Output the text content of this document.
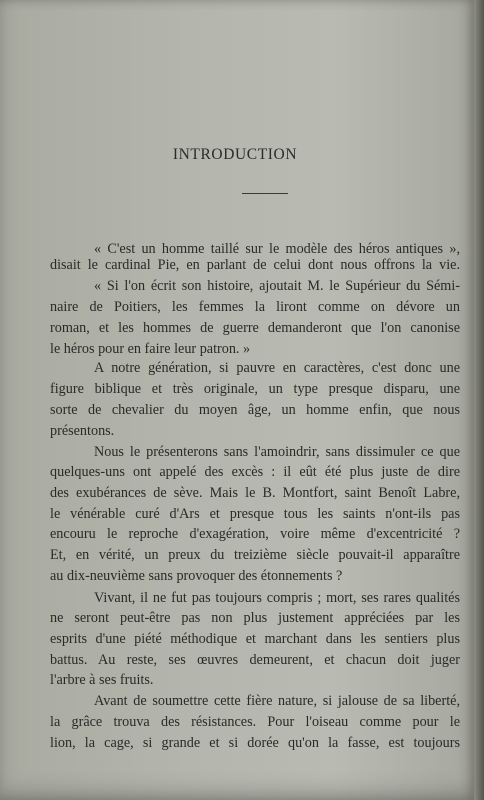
INTRODUCTION
« C'est un homme taillé sur le modèle des héros antiques »,
disait le cardinal Pie, en parlant de celui dont nous offrons la vie.
« Si l'on écrit son histoire, ajoutait M. le Supérieur du Sémi-
naire de Poitiers, les femmes la liront comme on dévore un
roman, et les hommes de guerre demanderont que l'on canonise
le héros pour en faire leur patron. »
A notre génération, si pauvre en caractères, c'est donc une
figure biblique et très originale, un type presque disparu, une
sorte de chevalier du moyen âge, un homme enfin, que nous
présentons.
Nous le présenterons sans l'amoindrir, sans dissimuler ce que
quelques-uns ont appelé des excès : il eût été plus juste de dire
des exubérances de sève. Mais le B. Montfort, saint Benoît Labre,
le vénérable curé d'Ars et presque tous les saints n'ont-ils pas
encouru le reproche d'exagération, voire même d'excentricité ?
Et, en vérité, un preux du treizième siècle pouvait-il apparaître
au dix-neuvième sans provoquer des étonnements ?
Vivant, il ne fut pas toujours compris ; mort, ses rares qualités
ne seront peut-être pas non plus justement appréciées par les
esprits d'une piété méthodique et marchant dans les sentiers plus
battus. Au reste, ses œuvres demeurent, et chacun doit juger
l'arbre à ses fruits.
Avant de soumettre cette fière nature, si jalouse de sa liberté,
la grâce trouva des résistances. Pour l'oiseau comme pour le
lion, la cage, si grande et si dorée qu'on la fasse, est toujours
